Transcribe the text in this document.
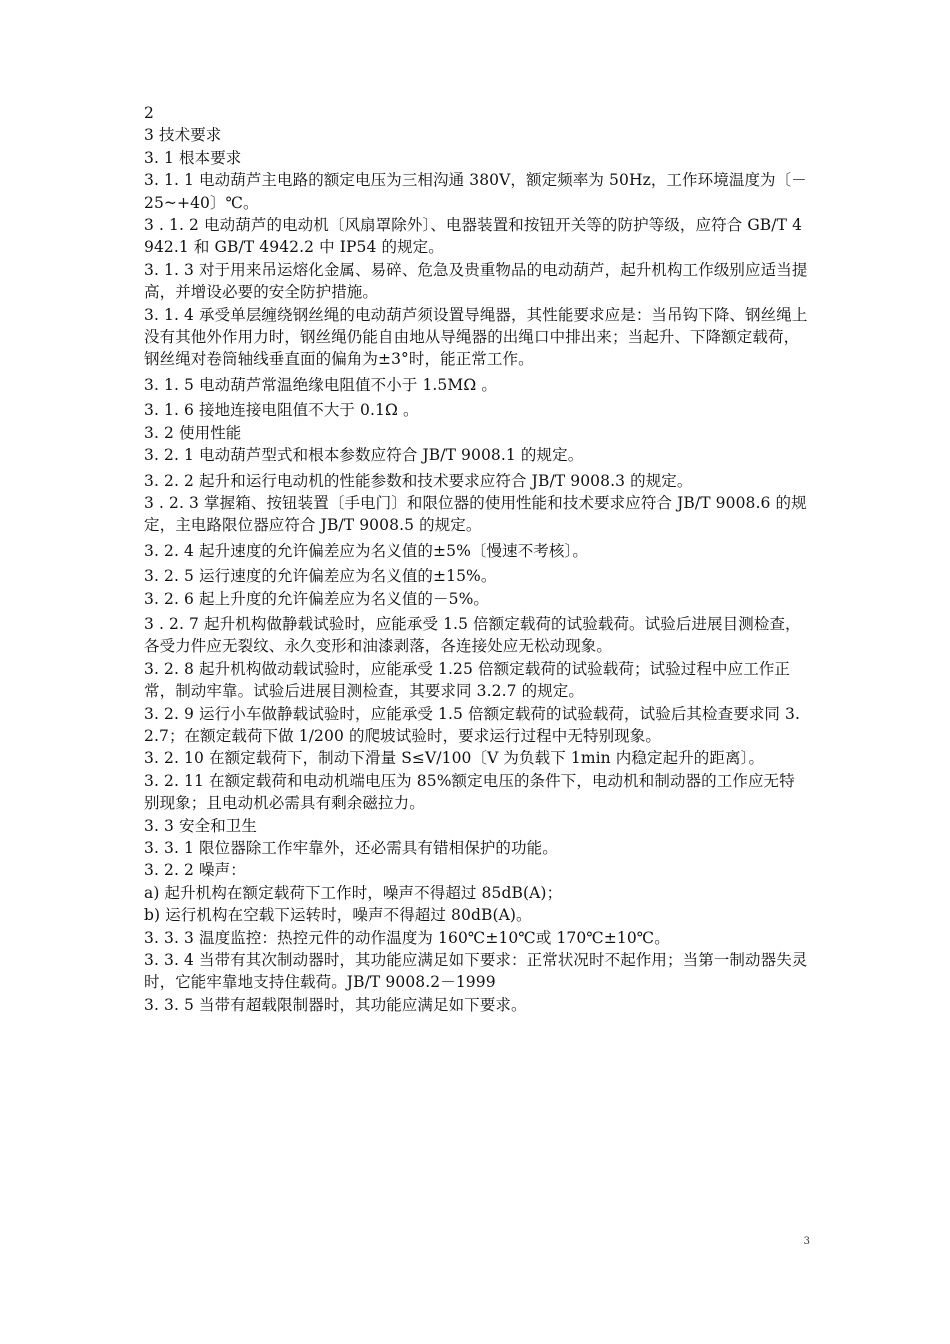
2
3 技术要求
3. 1 根本要求
3. 1. 1 电动葫芦主电路的额定电压为三相沟通 380V，额定频率为 50Hz，工作环境温度为〔－25~+40〕℃。
3 . 1. 2 电动葫芦的电动机〔风扇罩除外〕、电器装置和按钮开关等的防护等级，应符合 GB/T 4942.1 和 GB/T 4942.2 中 IP54 的规定。
3. 1. 3 对于用来吊运熔化金属、易碎、危急及贵重物品的电动葫芦，起升机构工作级别应适当提高，并增设必要的安全防护措施。
3. 1. 4 承受单层缠绕钢丝绳的电动葫芦须设置导绳器，其性能要求应是：当吊钩下降、钢丝绳上没有其他外作用力时，钢丝绳仍能自由地从导绳器的出绳口中排出来；当起升、下降额定载荷，钢丝绳对卷筒轴线垂直面的偏角为±3°时，能正常工作。
3. 1. 5 电动葫芦常温绝缘电阻值不小于 1.5MΩ 。
3. 1. 6 接地连接电阻值不大于 0.1Ω 。
3. 2 使用性能
3. 2. 1 电动葫芦型式和根本参数应符合 JB/T 9008.1 的规定。
3. 2. 2 起升和运行电动机的性能参数和技术要求应符合 JB/T 9008.3 的规定。
3 . 2. 3 掌握箱、按钮装置〔手电门〕和限位器的使用性能和技术要求应符合 JB/T 9008.6 的规定，主电路限位器应符合 JB/T 9008.5 的规定。
3. 2. 4 起升速度的允许偏差应为名义值的±5%〔慢速不考核〕。
3. 2. 5 运行速度的允许偏差应为名义值的±15%。
3. 2. 6 起上升度的允许偏差应为名义值的－5%。
3 . 2. 7 起升机构做静载试验时，应能承受 1.5 倍额定载荷的试验载荷。试验后进展目测检查，各受力件应无裂纹、永久变形和油漆剥落，各连接处应无松动现象。
3. 2. 8 起升机构做动载试验时，应能承受 1.25 倍额定载荷的试验载荷；试验过程中应工作正常，制动牢靠。试验后进展目测检查，其要求同 3.2.7 的规定。
3. 2. 9 运行小车做静载试验时，应能承受 1.5 倍额定载荷的试验载荷，试验后其检查要求同 3.2.7；在额定载荷下做 1/200 的爬坡试验时，要求运行过程中无特别现象。
3. 2. 10 在额定载荷下，制动下滑量 S≤V/100〔V 为负载下 1min 内稳定起升的距离〕。
3. 2. 11 在额定载荷和电动机端电压为 85%额定电压的条件下，电动机和制动器的工作应无特别现象；且电动机必需具有剩余磁拉力。
3. 3 安全和卫生
3. 3. 1 限位器除工作牢靠外，还必需具有错相保护的功能。
3. 2. 2 噪声：
a) 起升机构在额定载荷下工作时，噪声不得超过 85dB(A)；
b) 运行机构在空载下运转时，噪声不得超过 80dB(A)。
3. 3. 3 温度监控：热控元件的动作温度为 160℃±10℃或 170℃±10℃。
3. 3. 4 当带有其次制动器时，其功能应满足如下要求：正常状况时不起作用；当第一制动器失灵时，它能牢靠地支持住载荷。JB/T 9008.2－1999
3. 3. 5 当带有超载限制器时，其功能应满足如下要求。
3
